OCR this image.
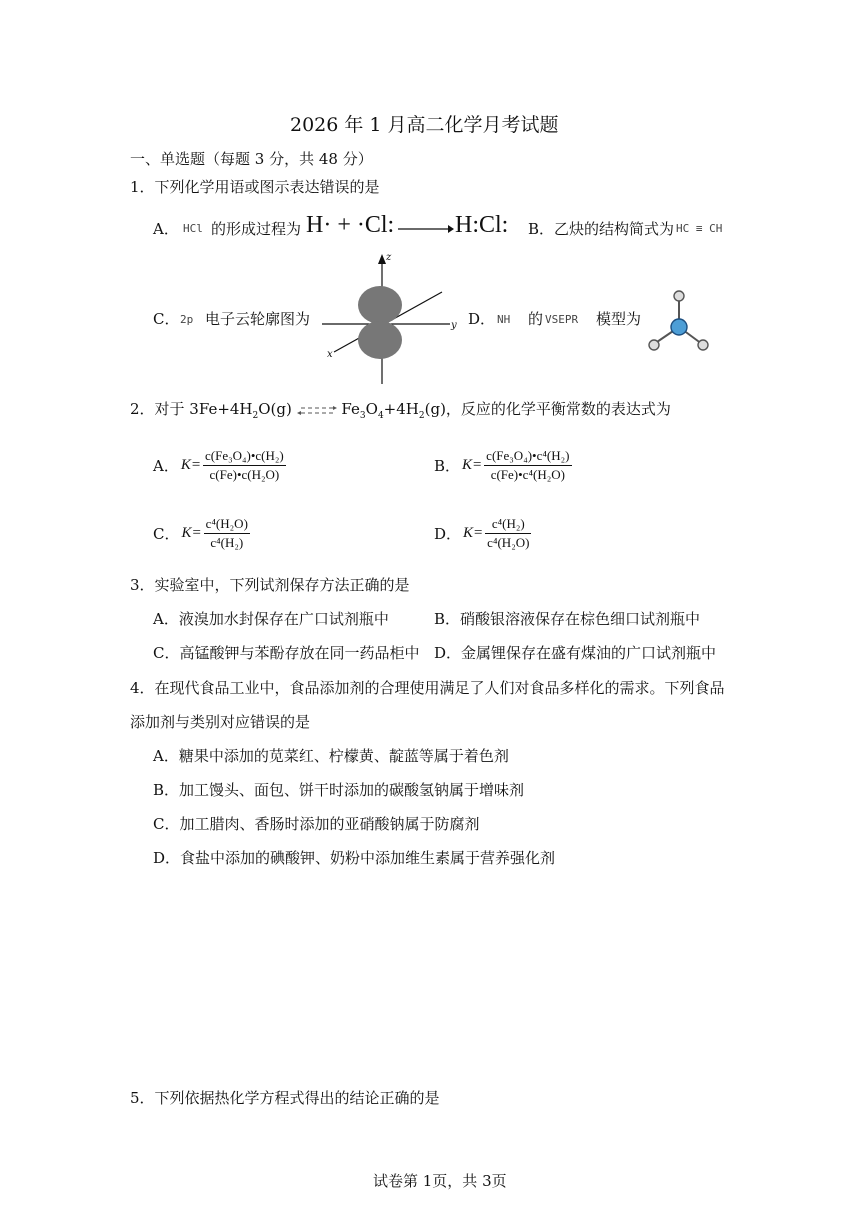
2026 年 1 月高二化学月考试题
一、单选题（每题 3 分，共 48 分）
1．下列化学用语或图示表达错误的是
A． HCl 的形成过程为 H· + ·Cl: → H:Cl: B．乙炔的结构简式为 HC ≡ CH
C． 2p 电子云轮廓图为
z
y
x
D． NH 的 VSEPR 模型为
2．对于 $3Fe+4H_2O(g)$ ⇌ $Fe_3O_4+4H_2(g)$，反应的化学平衡常数的表达式为
A． $K= \frac{\text{c(Fe₃O₄)•c(H₂)}}{\text{c(Fe)•c(H₂O)}}$	B． $K= \frac{\text{c(Fe₃O₄)•c⁴(H₂)}}{\text{c(Fe)•c⁴(H₂O)}}$
C． $K= \frac{\text{c⁴(H₂O)}}{\text{c⁴(H₂)}}$	D． $K= \frac{\text{c⁴(H₂)}}{\text{c⁴(H₂O)}}$
3．实验室中，下列试剂保存方法正确的是
A．液溴加水封保存在广口试剂瓶中	B．硝酸银溶液保存在棕色细口试剂瓶中
C．高锰酸钾与苯酚存放在同一药品柜中 D．金属锂保存在盛有煤油的广口试剂瓶中
4．在现代食品工业中，食品添加剂的合理使用满足了人们对食品多样化的需求。下列食品
添加剂与类别对应错误的是
A．糖果中添加的苋菜红、柠檬黄、靛蓝等属于着色剂
B．加工馒头、面包、饼干时添加的碳酸氢钠属于增味剂
C．加工腊肉、香肠时添加的亚硝酸钠属于防腐剂
D．食盐中添加的碘酸钾、奶粉中添加维生素属于营养强化剂
5．下列依据热化学方程式得出的结论正确的是
试卷第 1页，共 3页
